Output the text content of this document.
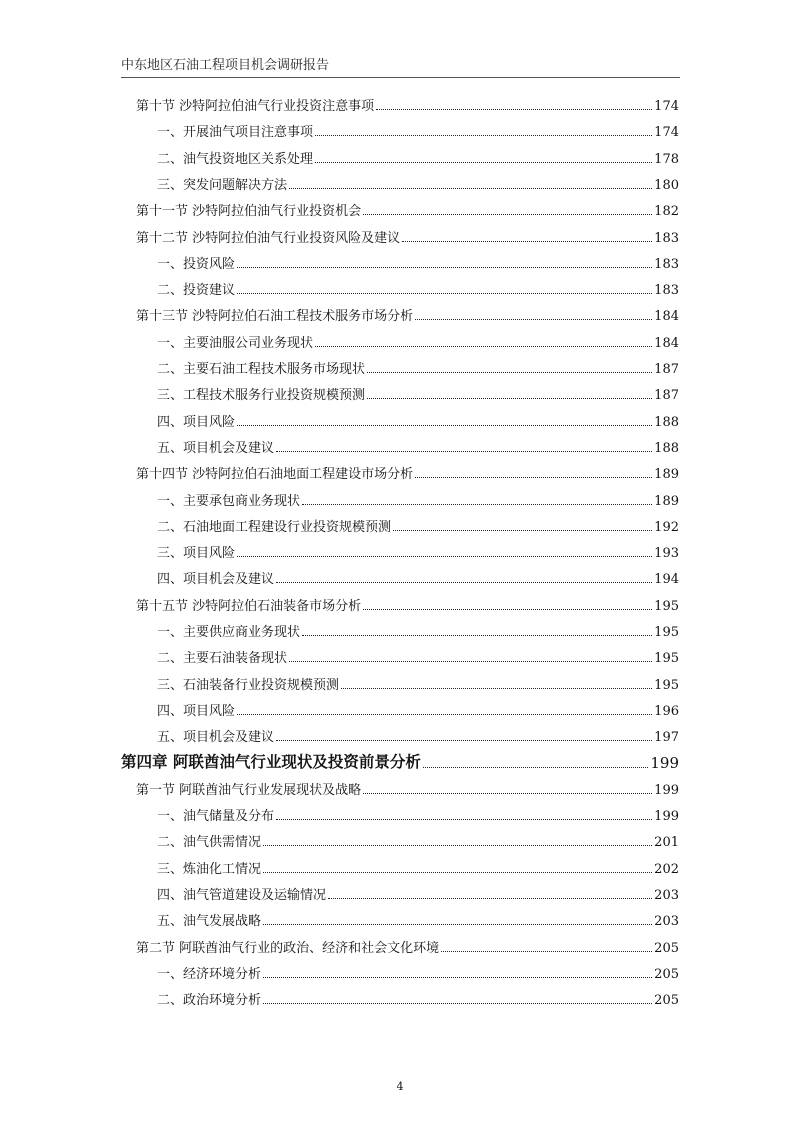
中东地区石油工程项目机会调研报告
第十节 沙特阿拉伯油气行业投资注意事项	174
一、开展油气项目注意事项	174
二、油气投资地区关系处理	178
三、突发问题解决方法	180
第十一节 沙特阿拉伯油气行业投资机会	182
第十二节 沙特阿拉伯油气行业投资风险及建议	183
一、投资风险	183
二、投资建议	183
第十三节 沙特阿拉伯石油工程技术服务市场分析	184
一、主要油服公司业务现状	184
二、主要石油工程技术服务市场现状	187
三、工程技术服务行业投资规模预测	187
四、项目风险	188
五、项目机会及建议	188
第十四节 沙特阿拉伯石油地面工程建设市场分析	189
一、主要承包商业务现状	189
二、石油地面工程建设行业投资规模预测	192
三、项目风险	193
四、项目机会及建议	194
第十五节 沙特阿拉伯石油装备市场分析	195
一、主要供应商业务现状	195
二、主要石油装备现状	195
三、石油装备行业投资规模预测	195
四、项目风险	196
五、项目机会及建议	197
第四章 阿联酋油气行业现状及投资前景分析	199
第一节 阿联酋油气行业发展现状及战略	199
一、油气储量及分布	199
二、油气供需情况	201
三、炼油化工情况	202
四、油气管道建设及运输情况	203
五、油气发展战略	203
第二节 阿联酋油气行业的政治、经济和社会文化环境	205
一、经济环境分析	205
二、政治环境分析	205
4
